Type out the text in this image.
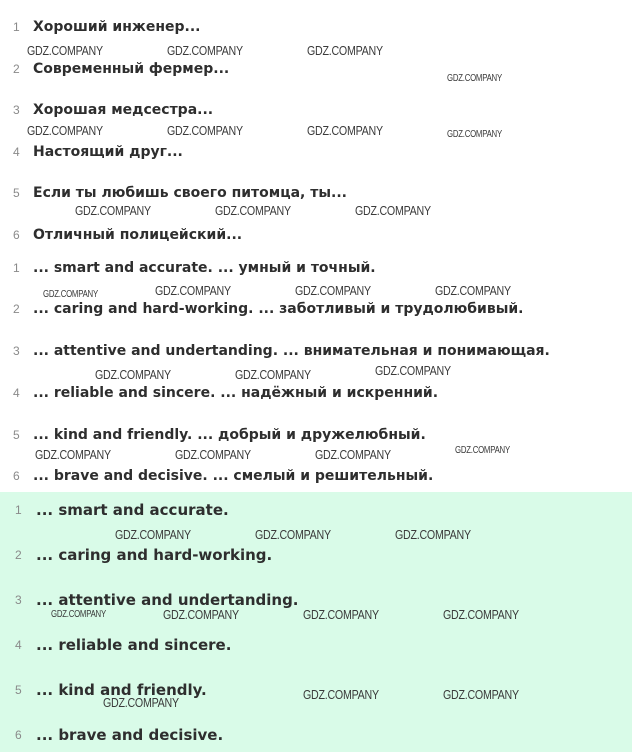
1 Хороший инженер...
2 Современный фермер...
3 Хорошая медсестра...
4 Настоящий друг...
5 Если ты любишь своего питомца, ты...
6 Отличный полицейский...
1 ... smart and accurate. ... умный и точный.
2 ... caring and hard-working. ... заботливый и трудолюбивый.
3 ... attentive and undertanding. ... внимательная и понимающая.
4 ... reliable and sincere. ... надёжный и искренний.
5 ... kind and friendly. ... добрый и дружелюбный.
6 ... brave and decisive. ... смелый и решительный.
1 ... smart and accurate.
2 ... caring and hard-working.
3 ... attentive and undertanding.
4 ... reliable and sincere.
5 ... kind and friendly.
6 ... brave and decisive.
GDZ.COMPANY	GDZ.COMPANY	GDZ.COMPANY
GDZ.COMPANY
GDZ.COMPANY	GDZ.COMPANY	GDZ.COMPANY	GDZ.COMPANY
GDZ.COMPANY	GDZ.COMPANY	GDZ.COMPANY
GDZ.COMPANY	GDZ.COMPANY	GDZ.COMPANY	GDZ.COMPANY
GDZ.COMPANY	GDZ.COMPANY	GDZ.COMPANY
GDZ.COMPANY	GDZ.COMPANY	GDZ.COMPANY	GDZ.COMPANY
GDZ.COMPANY	GDZ.COMPANY	GDZ.COMPANY
GDZ.COMPANY	GDZ.COMPANY	GDZ.COMPANY	GDZ.COMPANY
GDZ.COMPANY
GDZ.COMPANY	GDZ.COMPANY
